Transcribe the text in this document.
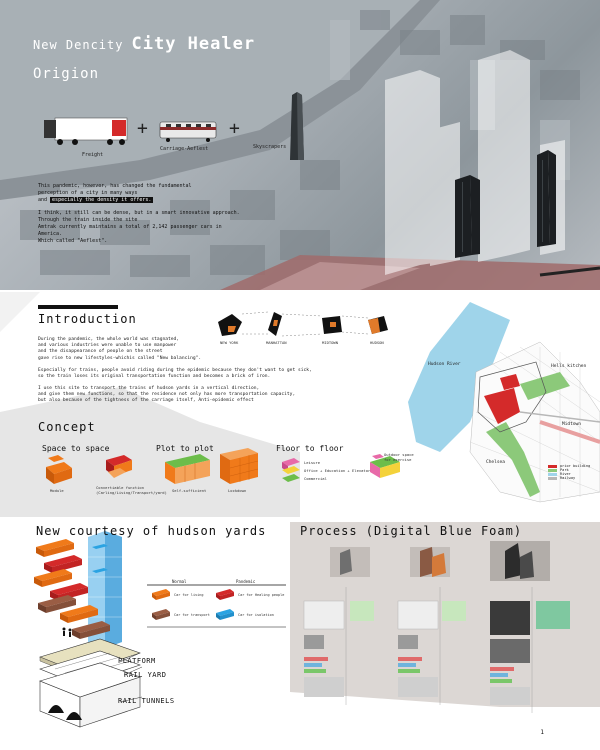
New Dencity City Healer
Origion
+	+
Freight
Carriage-Aeflest	Skyscrapers
This pandemic, however, has changed the fundamental
perception of a city in many ways
and especially the density it offers.
I think, it still can be dense, but in a smart innovative approach.
Through the train inside the site
Amtrak currently maintains a total of 2,142 passenger cars in America.
Which called "Aeflest".
Introduction
During the pandemic, the whole world was stagnated,
and various industries were unable to use manpower
and the disappearance of people on the street
gave rise to new lifestyles-whichis called "New balancing".
Especially for trains, people avoid riding during the epidemic because they don't want to get sick,
so the train loses its original transportation function and becomes a brick of iron.
I use this site to transport the trains of hudson yards in a vertical direction,
and give them new functions, so that the residence not only has more transportation capacity,
but also because of the tightness of the carriage itself, Anti-epidemic effect
NEW YORK	MANHATTAN	MIDTOWN	HUDSON
Hudson River	Hells kitchen
Midtown
Chelsea
prior building
Park
River
Railway
Concept
Space to space	Plot to plot	Floor to floor
Module
Convertiable function
(Carling/Living/Transport/yard) Self-sufficient	Lockdown
Leisure
Office + Education + Elevator
Commercial
Outdoor space
for exercise
New courtesy of hudson yards	Process (Digital Blue Foam)
Normal	Pandemic
Car for living	Car for Healing people
Car for transport	Car for isolation
PLATFORM
RAIL YARD
RAIL TUNNELS
1
